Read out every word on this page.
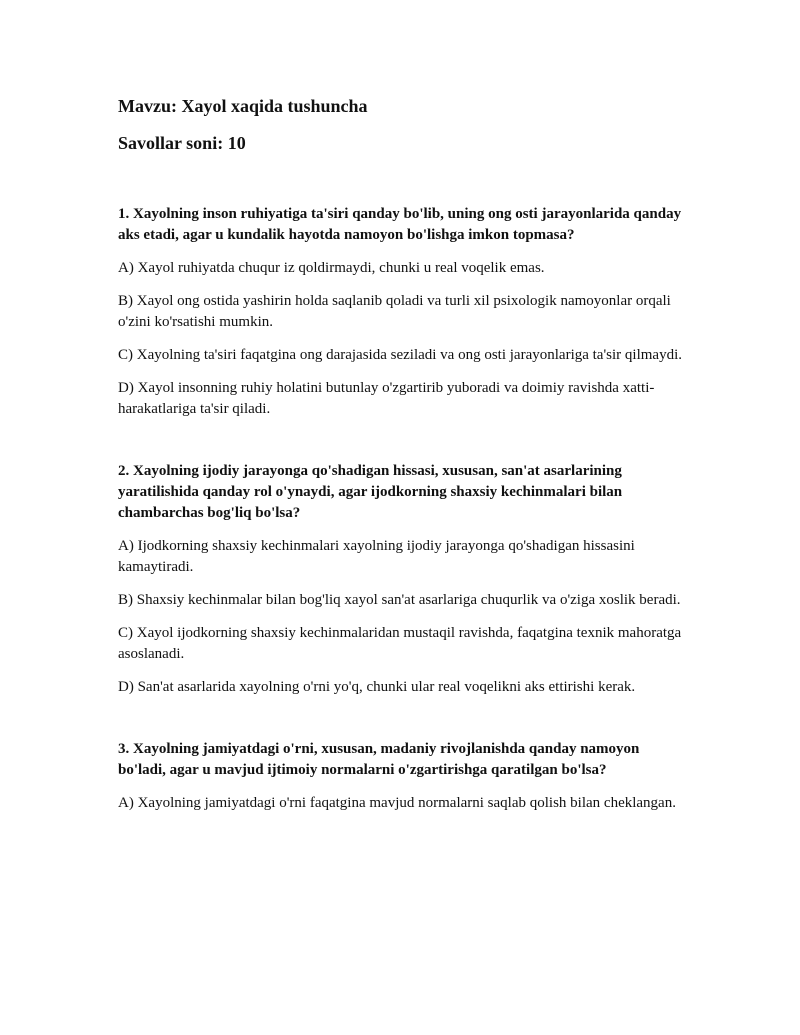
Mavzu: Xayol xaqida tushuncha
Savollar soni: 10

1. Xayolning inson ruhiyatiga ta'siri qanday bo'lib, uning ong osti jarayonlarida qanday aks etadi, agar u kundalik hayotda namoyon bo'lishga imkon topmasa?

A) Xayol ruhiyatda chuqur iz qoldirmaydi, chunki u real voqelik emas.

B) Xayol ong ostida yashirin holda saqlanib qoladi va turli xil psixologik namoyonlar orqali o'zini ko'rsatishi mumkin.

C) Xayolning ta'siri faqatgina ong darajasida seziladi va ong osti jarayonlariga ta'sir qilmaydi.

D) Xayol insonning ruhiy holatini butunlay o'zgartirib yuboradi va doimiy ravishda xatti-harakatlariga ta'sir qiladi.

2. Xayolning ijodiy jarayonga qo'shadigan hissasi, xususan, san'at asarlarining yaratilishida qanday rol o'ynaydi, agar ijodkorning shaxsiy kechinmalari bilan chambarchas bog'liq bo'lsa?

A) Ijodkorning shaxsiy kechinmalari xayolning ijodiy jarayonga qo'shadigan hissasini kamaytiradi.

B) Shaxsiy kechinmalar bilan bog'liq xayol san'at asarlariga chuqurlik va o'ziga xoslik beradi.

C) Xayol ijodkorning shaxsiy kechinmalaridan mustaqil ravishda, faqatgina texnik mahoratga asoslanadi.

D) San'at asarlarida xayolning o'rni yo'q, chunki ular real voqelikni aks ettirishi kerak.

3. Xayolning jamiyatdagi o'rni, xususan, madaniy rivojlanishda qanday namoyon bo'ladi, agar u mavjud ijtimoiy normalarni o'zgartirishga qaratilgan bo'lsa?

A) Xayolning jamiyatdagi o'rni faqatgina mavjud normalarni saqlab qolish bilan cheklangan.
